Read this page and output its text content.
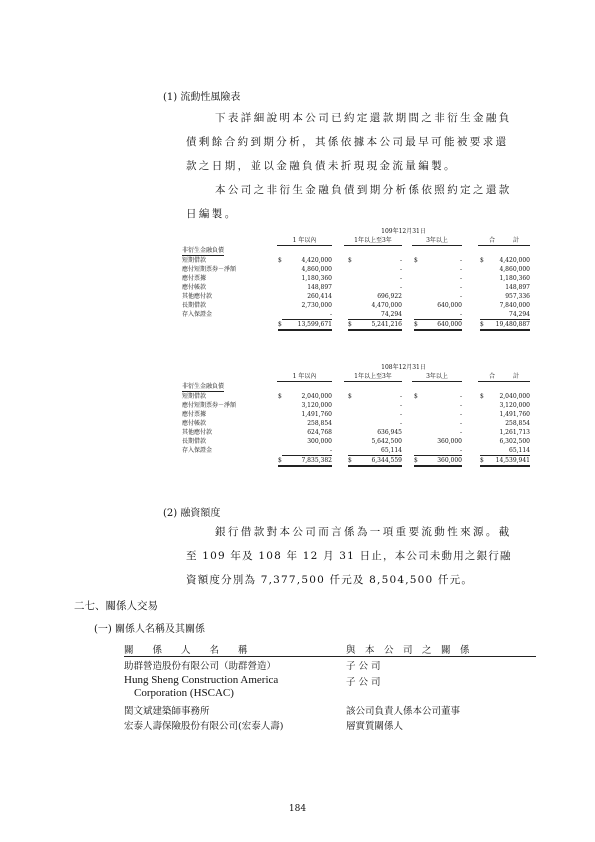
(1) 流動性風險表
下表詳細說明本公司已約定還款期間之非衍生金融負
債剩餘合約到期分析，其係依據本公司最早可能被要求還
款之日期，並以金融負債未折現現金流量編製。
本公司之非衍生金融負債到期分析係依照約定之還款
日編製。
109年12月31日
1 年以內	1年以上至3年	3年以上	合　　　計
非衍生金融負債
短期借款	$	4,420,000	$	- $	-	$	4,420,000
應付短期票券－淨額	4,860,000	-	-	4,860,000
應付票據	1,180,360	-	-	1,180,360
應付帳款	148,897	-	-	148,897
其他應付款	260,414	696,922	-	957,336
長期借款	2,730,000	4,470,000	640,000	7,840,000
存入保證金	-	74,294	-	74,294
$	13,599,671	$	5,241,216 $	640,000	$	19,480,887
108年12月31日
1 年以內	1年以上至3年	3年以上	合　　　計
非衍生金融負債
短期借款	$	2,040,000	$	- $	-	$	2,040,000
應付短期票券－淨額	3,120,000	-	-	3,120,000
應付票據	1,491,760	-	-	1,491,760
應付帳款	258,854	-	-	258,854
其他應付款	624,768	636,945	-	1,261,713
長期借款	300,000	5,642,500	360,000	6,302,500
存入保證金	-	65,114	-	65,114
$	7,835,382	$	6,344,559 $	360,000	$	14,539,941
(2) 融資額度
銀行借款對本公司而言係為一項重要流動性來源。截
至 109 年及 108 年 12 月 31 日止，本公司未動用之銀行融
資額度分別為 7,377,500 仟元及 8,504,500 仟元。
二七、關係人交易
(一) 關係人名稱及其關係
關　　係　　人　　名　　稱	與　本　公　司　之　關　係
助群營造股份有限公司（助群營造）	子 公 司
Hung Sheng Construction America
Corporation (HSCAC)
子 公 司
閎文斌建築師事務所	該公司負責人係本公司董事
宏泰人壽保險股份有限公司(宏泰人壽)	層實質關係人
184
